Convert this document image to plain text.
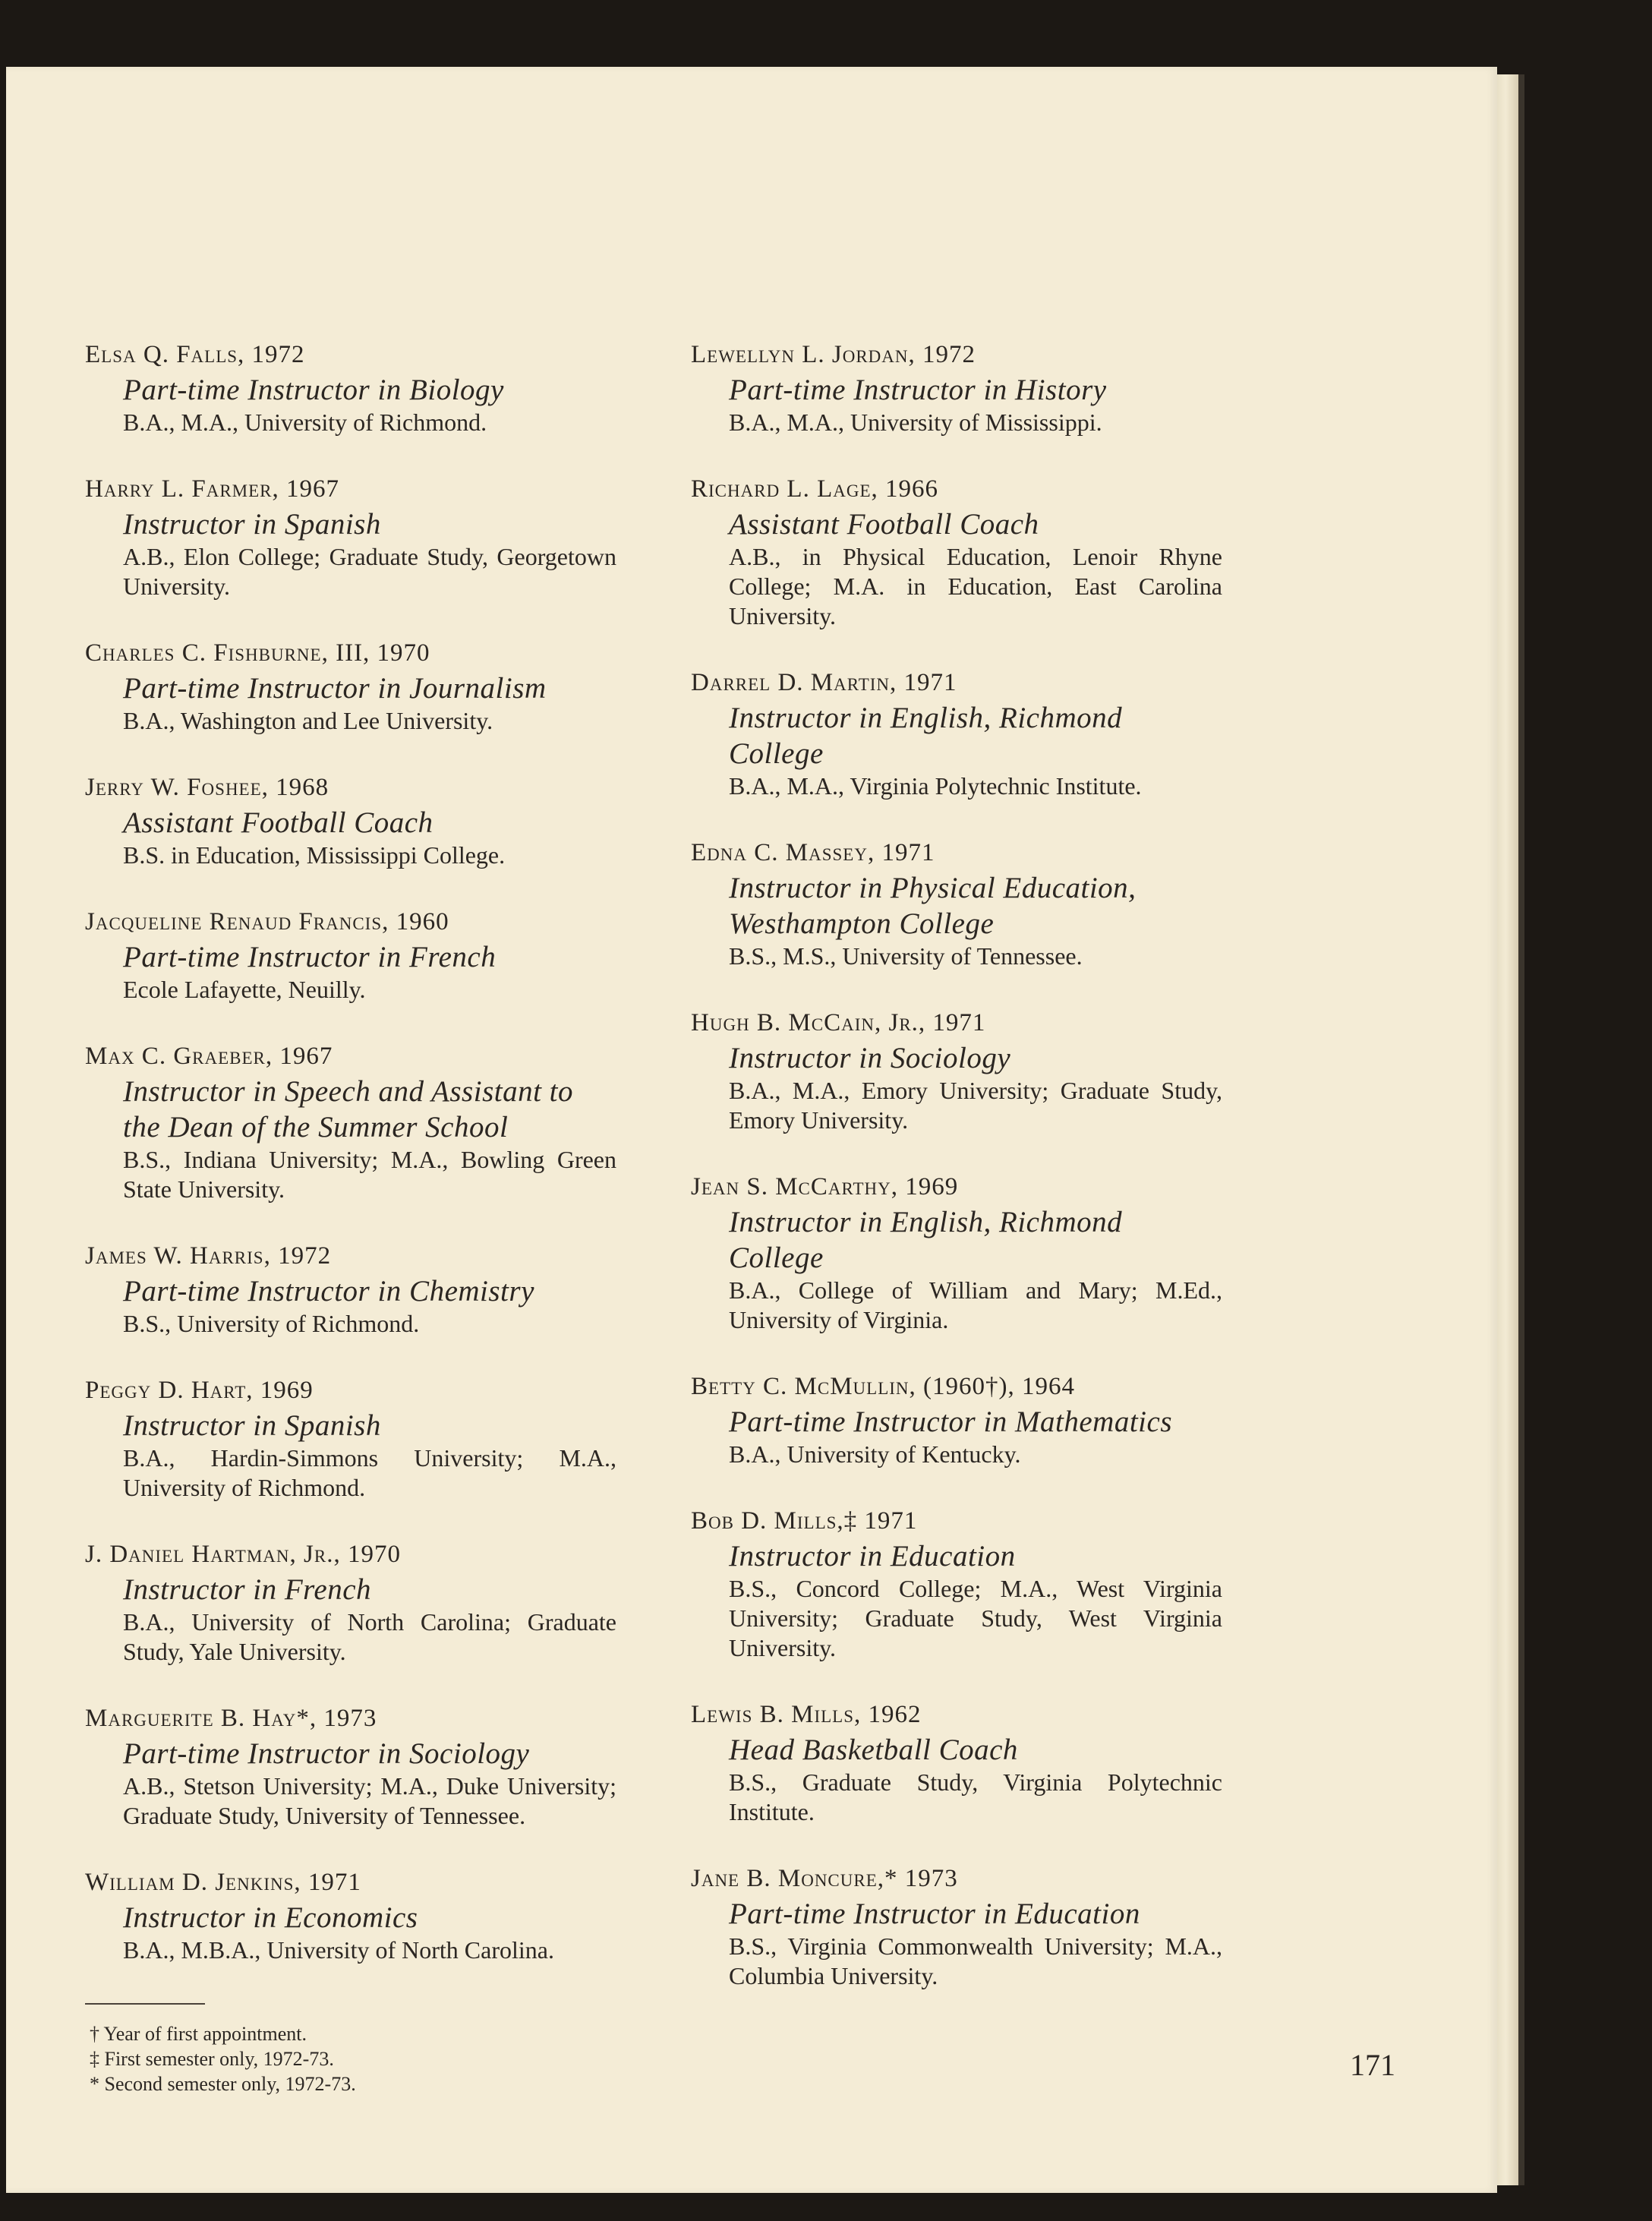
Elsa Q. Falls, 1972
Part-time Instructor in Biology
B.A., M.A., University of Richmond.
Harry L. Farmer, 1967
Instructor in Spanish
A.B., Elon College; Graduate Study, Georgetown University.
Charles C. Fishburne, III, 1970
Part-time Instructor in Journalism
B.A., Washington and Lee University.
Jerry W. Foshee, 1968
Assistant Football Coach
B.S. in Education, Mississippi College.
Jacqueline Renaud Francis, 1960
Part-time Instructor in French
Ecole Lafayette, Neuilly.
Max C. Graeber, 1967
Instructor in Speech and Assistant to the Dean of the Summer School
B.S., Indiana University; M.A., Bowling Green State University.
James W. Harris, 1972
Part-time Instructor in Chemistry
B.S., University of Richmond.
Peggy D. Hart, 1969
Instructor in Spanish
B.A., Hardin-Simmons University; M.A., University of Richmond.
J. Daniel Hartman, Jr., 1970
Instructor in French
B.A., University of North Carolina; Graduate Study, Yale University.
Marguerite B. Hay*, 1973
Part-time Instructor in Sociology
A.B., Stetson University; M.A., Duke University; Graduate Study, University of Tennessee.
William D. Jenkins, 1971
Instructor in Economics
B.A., M.B.A., University of North Carolina.
† Year of first appointment.
‡ First semester only, 1972-73.
* Second semester only, 1972-73.
Lewellyn L. Jordan, 1972
Part-time Instructor in History
B.A., M.A., University of Mississippi.
Richard L. Lage, 1966
Assistant Football Coach
A.B., in Physical Education, Lenoir Rhyne College; M.A. in Education, East Carolina University.
Darrel D. Martin, 1971
Instructor in English, Richmond College
B.A., M.A., Virginia Polytechnic Institute.
Edna C. Massey, 1971
Instructor in Physical Education, Westhampton College
B.S., M.S., University of Tennessee.
Hugh B. McCain, Jr., 1971
Instructor in Sociology
B.A., M.A., Emory University; Graduate Study, Emory University.
Jean S. McCarthy, 1969
Instructor in English, Richmond College
B.A., College of William and Mary; M.Ed., University of Virginia.
Betty C. McMullin, (1960†), 1964
Part-time Instructor in Mathematics
B.A., University of Kentucky.
Bob D. Mills,‡ 1971
Instructor in Education
B.S., Concord College; M.A., West Virginia University; Graduate Study, West Virginia University.
Lewis B. Mills, 1962
Head Basketball Coach
B.S., Graduate Study, Virginia Polytechnic Institute.
Jane B. Moncure,* 1973
Part-time Instructor in Education
B.S., Virginia Commonwealth University; M.A., Columbia University.
171
